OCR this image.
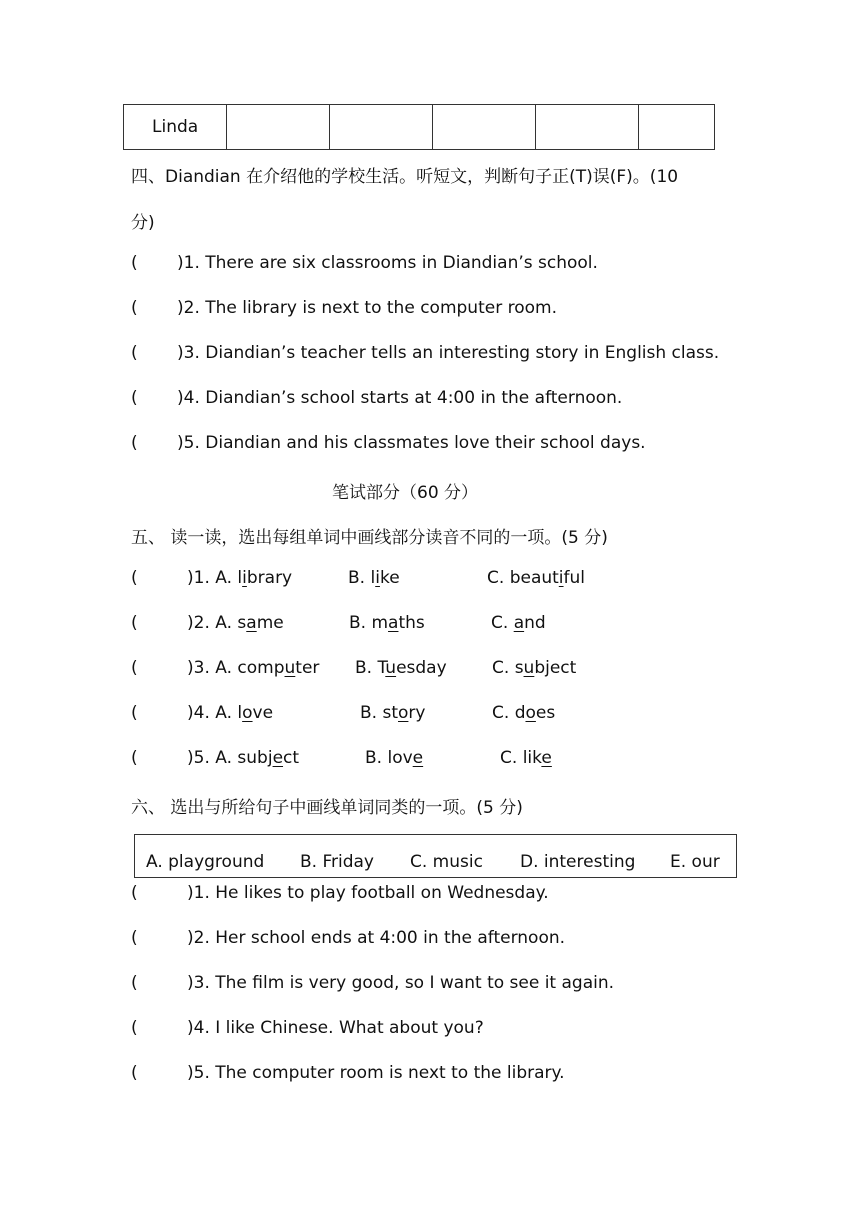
Linda					
四、Diandian 在介绍他的学校生活。听短文，判断句子正(T)误(F)。(10
分)
( )1. There are six classrooms in Diandian’s school.
( )2. The library is next to the computer room.
( )3. Diandian’s teacher tells an interesting story in English class.
( )4. Diandian’s school starts at 4:00 in the afternoon.
( )5. Diandian and his classmates love their school days.
笔试部分（60 分）
五、 读一读，选出每组单词中画线部分读音不同的一项。(5 分)
(	)1. A. library	B. like	C. beautiful
(	)2. A. same	B. maths	C. and
(	)3. A. computer B. Tuesday	C. subject
(	)4. A. love	B. story	C. does
(	)5. A. subject	B. love	C. like
六、 选出与所给句子中画线单词同类的一项。(5 分)
A. playground B. Friday C. music D. interesting E. our
(	)1. He likes to play football on Wednesday.
(	)2. Her school ends at 4:00 in the afternoon.
(	)3. The film is very good, so I want to see it again.
(	)4. I like Chinese. What about you?
(	)5. The computer room is next to the library.
